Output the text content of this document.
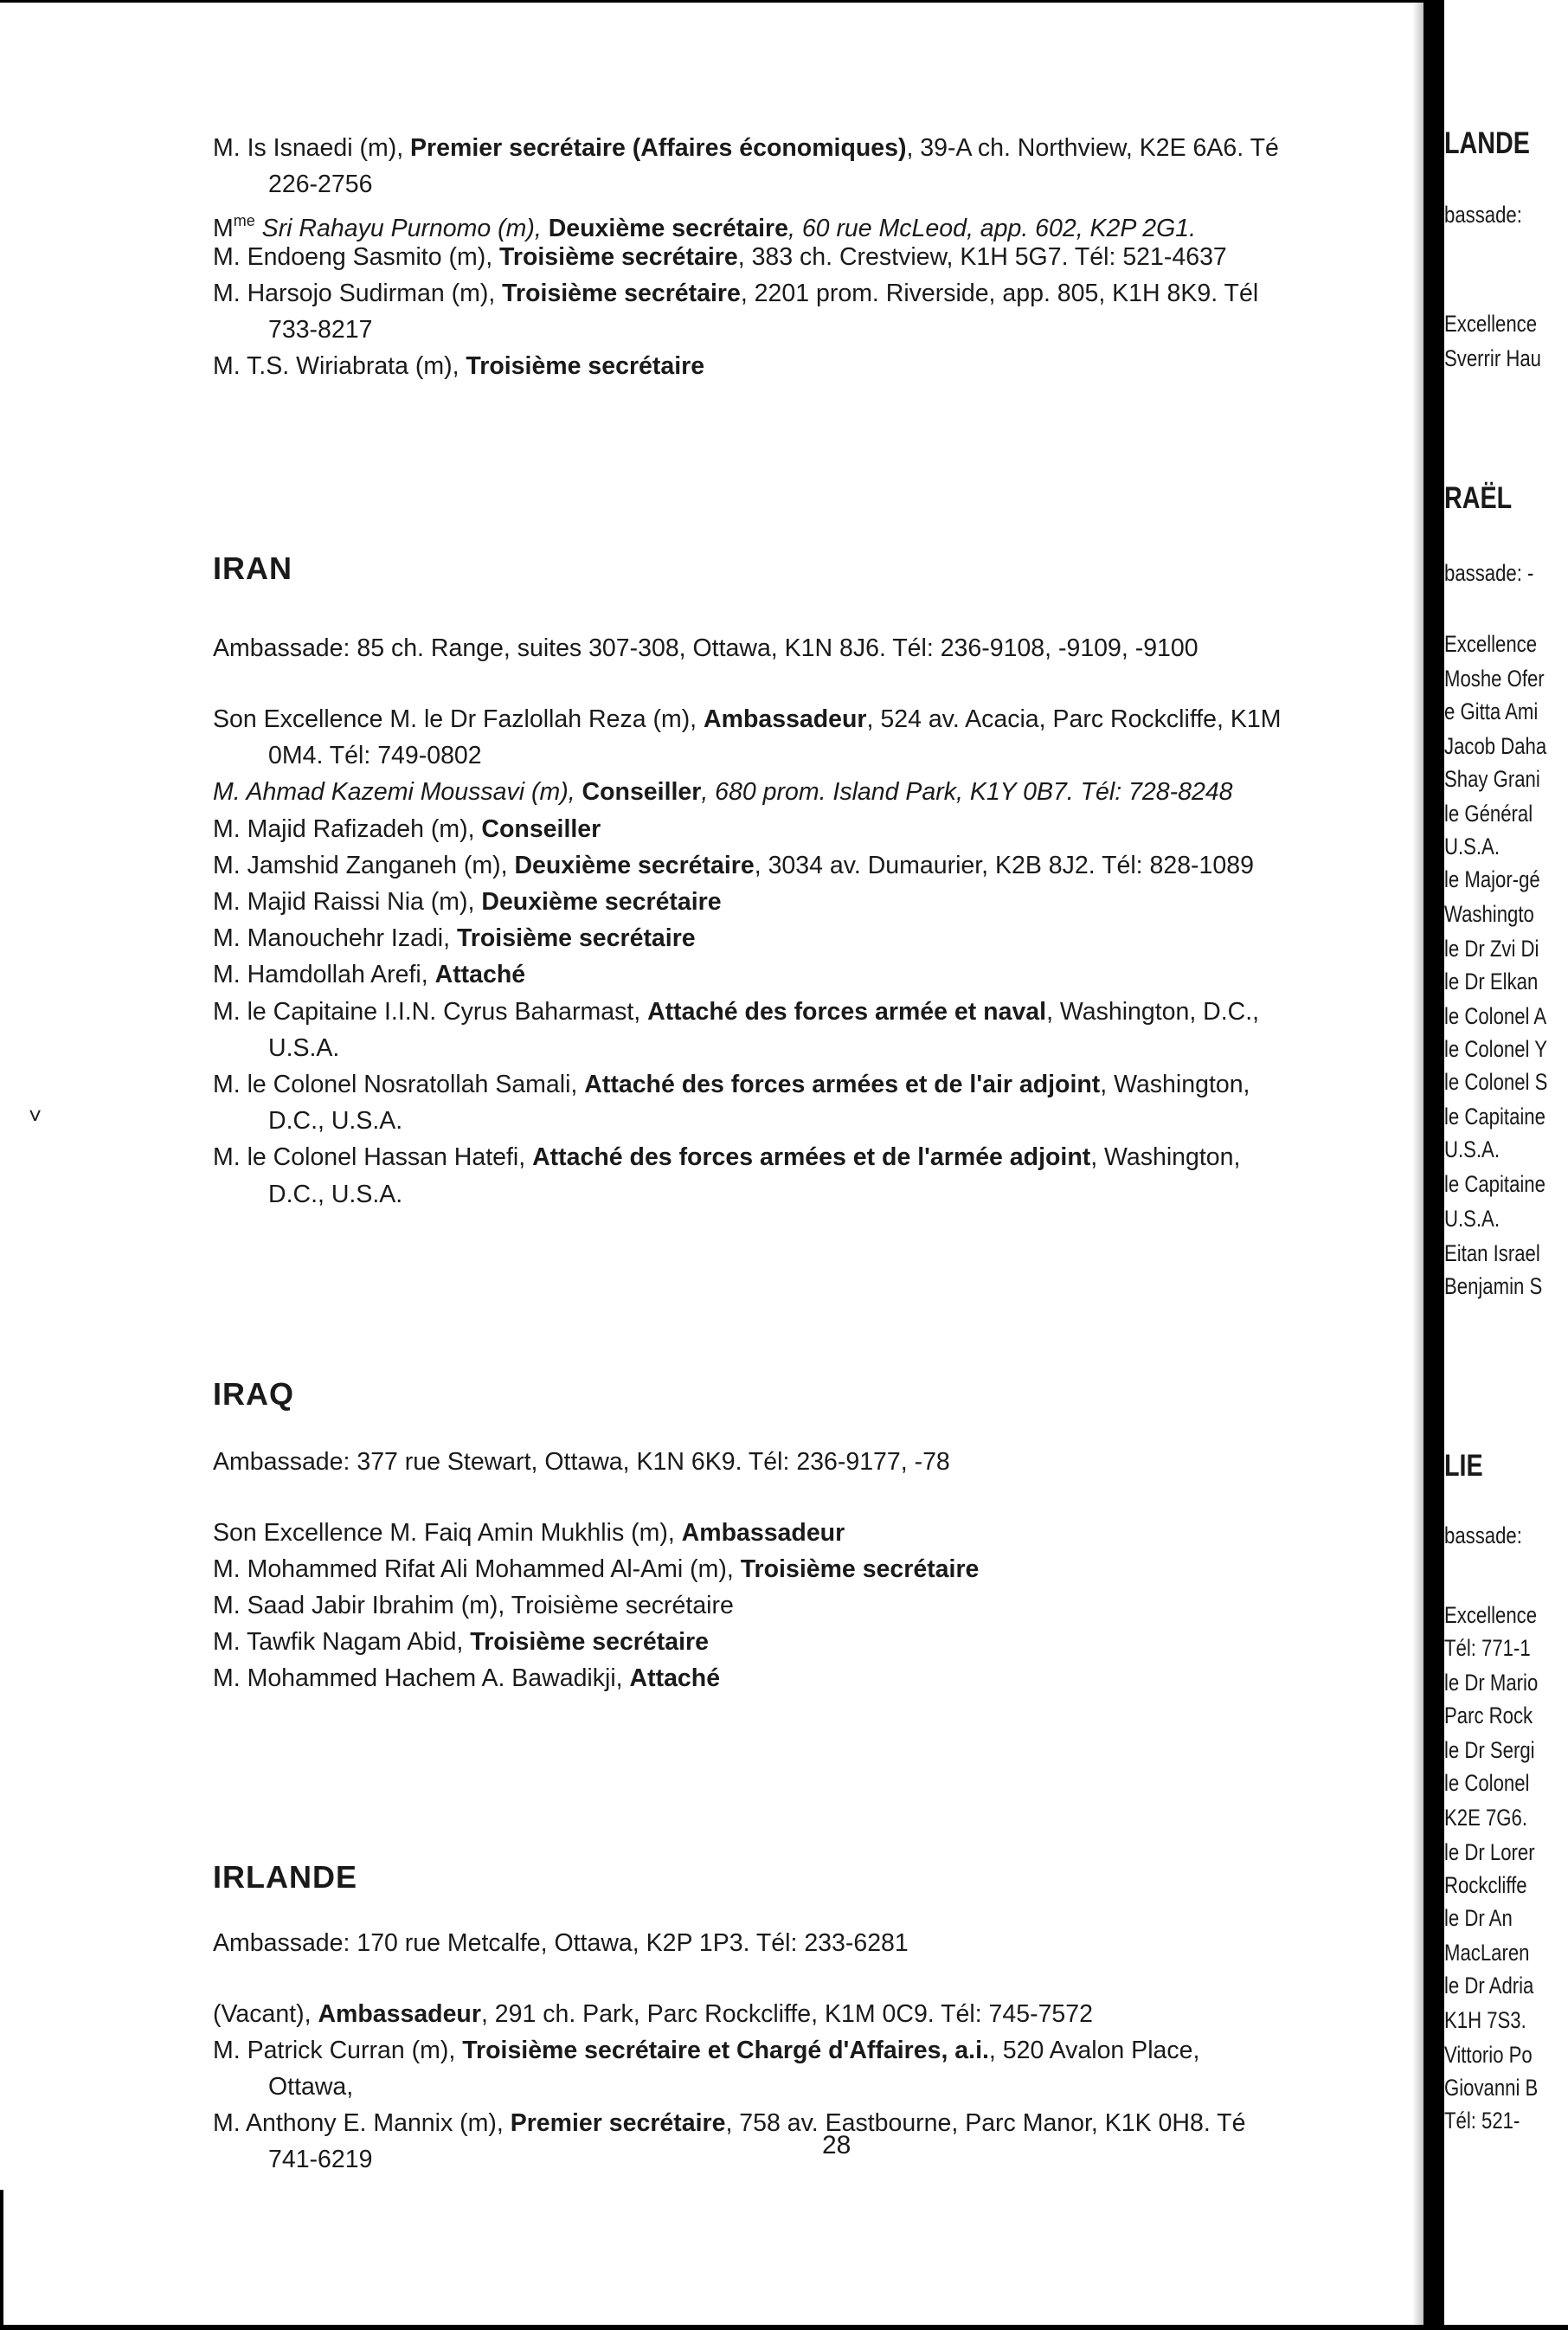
˅
M. Is Isnaedi (m), Premier secrétaire (Affaires économiques), 39-A ch. Northview, K2E 6A6. Té
226-2756
$M^{me}$ Sri Rahayu Purnomo (m), Deuxième secrétaire, 60 rue McLeod, app. 602, K2P 2G1.
M. Endoeng Sasmito (m), Troisième secrétaire, 383 ch. Crestview, K1H 5G7. Tél: 521-4637
M. Harsojo Sudirman (m), Troisième secrétaire, 2201 prom. Riverside, app. 805, K1H 8K9. Tél
733-8217
M. T.S. Wiriabrata (m), Troisième secrétaire
IRAN
Ambassade: 85 ch. Range, suites 307-308, Ottawa, K1N 8J6. Tél: 236-9108, -9109, -9100
Son Excellence M. le Dr Fazlollah Reza (m), Ambassadeur, 524 av. Acacia, Parc Rockcliffe, K1M
0M4. Tél: 749-0802
M. Ahmad Kazemi Moussavi (m), Conseiller, 680 prom. Island Park, K1Y 0B7. Tél: 728-8248
M. Majid Rafizadeh (m), Conseiller
M. Jamshid Zanganeh (m), Deuxième secrétaire, 3034 av. Dumaurier, K2B 8J2. Tél: 828-1089
M. Majid Raissi Nia (m), Deuxième secrétaire
M. Manouchehr Izadi, Troisième secrétaire
M. Hamdollah Arefi, Attaché
M. le Capitaine I.I.N. Cyrus Baharmast, Attaché des forces armée et naval, Washington, D.C.,
U.S.A.
M. le Colonel Nosratollah Samali, Attaché des forces armées et de l'air adjoint, Washington,
D.C., U.S.A.
M. le Colonel Hassan Hatefi, Attaché des forces armées et de l'armée adjoint, Washington,
D.C., U.S.A.
IRAQ
Ambassade: 377 rue Stewart, Ottawa, K1N 6K9. Tél: 236-9177, -78
Son Excellence M. Faiq Amin Mukhlis (m), Ambassadeur
M. Mohammed Rifat Ali Mohammed Al-Ami (m), Troisième secrétaire
M. Saad Jabir Ibrahim (m), Troisième secrétaire
M. Tawfik Nagam Abid, Troisième secrétaire
M. Mohammed Hachem A. Bawadikji, Attaché
IRLANDE
Ambassade: 170 rue Metcalfe, Ottawa, K2P 1P3. Tél: 233-6281
(Vacant), Ambassadeur, 291 ch. Park, Parc Rockcliffe, K1M 0C9. Tél: 745-7572
M. Patrick Curran (m), Troisième secrétaire et Chargé d'Affaires, a.i., 520 Avalon Place,
Ottawa,
M. Anthony E. Mannix (m), Premier secrétaire, 758 av. Eastbourne, Parc Manor, K1K 0H8. Té
741-6219	28
LANDE
bassade:
Excellence
Sverrir Hau
RAËL
bassade: -
Excellence
Moshe Ofer
e Gitta Ami
Jacob Daha
Shay Grani
le Général
U.S.A.
le Major-gé
Washingto
le Dr Zvi Di
le Dr Elkan
le Colonel A
le Colonel Y
le Colonel S
le Capitaine
U.S.A.
le Capitaine
U.S.A.
Eitan Israel
Benjamin S
LIE
bassade:
Excellence
Tél: 771-1
le Dr Mario
Parc Rock
le Dr Sergi
le Colonel
K2E 7G6.
le Dr Lorer
Rockcliffe
le Dr An
MacLaren
le Dr Adria
K1H 7S3.
Vittorio Po
Giovanni B
Tél: 521-
